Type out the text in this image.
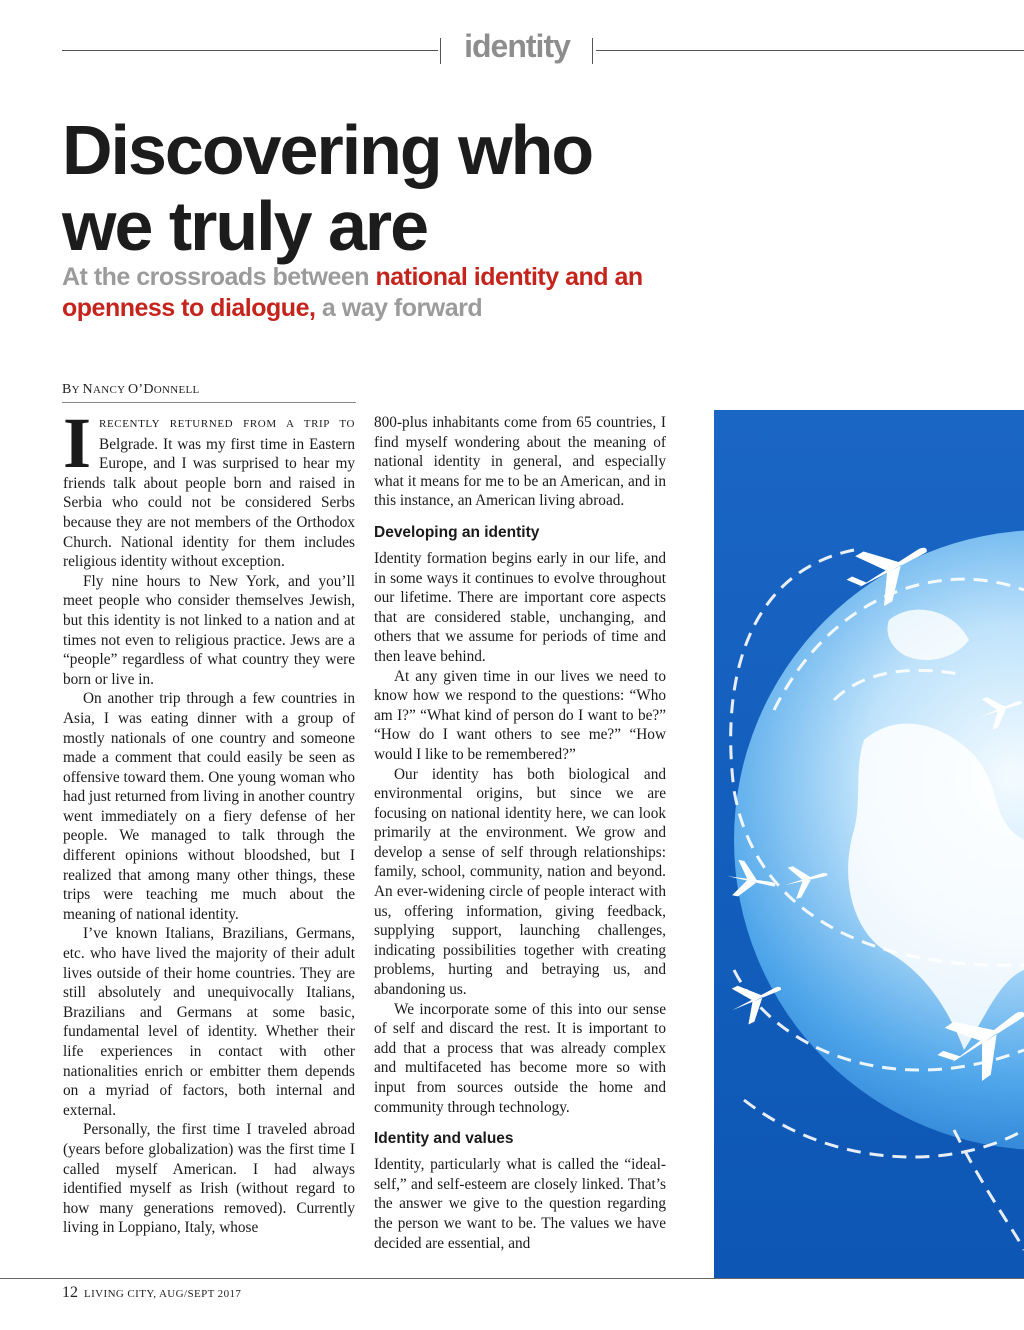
identity
Discovering who
we truly are

At the crossroads between national identity and an openness to dialogue, a way forward

BY NANCY O’DONNELL

IRECENTLY RETURNED FROM A TRIP TO Belgrade. It was my first time in Eastern Europe, and I was surprised to hear my friends talk about people born and raised in Serbia who could not be considered Serbs because they are not members of the Orthodox Church. National identity for them includes religious identity without exception.

Fly nine hours to New York, and you’ll meet people who consider themselves Jewish, but this identity is not linked to a nation and at times not even to religious practice. Jews are a “people” regardless of what country they were born or live in.

On another trip through a few countries in Asia, I was eating dinner with a group of mostly nationals of one country and someone made a comment that could easily be seen as offensive toward them. One young woman who had just returned from living in another country went immediately on a fiery defense of her people. We managed to talk through the different opinions without bloodshed, but I realized that among many other things, these trips were teaching me much about the meaning of national identity.

I’ve known Italians, Brazilians, Germans, etc. who have lived the majority of their adult lives outside of their home countries. They are still absolutely and unequivocally Italians, Brazilians and Germans at some basic, fundamental level of identity. Whether their life experiences in contact with other nationalities enrich or embitter them depends on a myriad of factors, both internal and external.

Personally, the first time I traveled abroad (years before globalization) was the first time I called myself American. I had always identified myself as Irish (without regard to how many generations removed). Currently living in Loppiano, Italy, whose

800-plus inhabitants come from 65 countries, I find myself wondering about the meaning of national identity in general, and especially what it means for me to be an American, and in this instance, an American living abroad.

Developing an identity

Identity formation begins early in our life, and in some ways it continues to evolve throughout our lifetime. There are important core aspects that are considered stable, unchanging, and others that we assume for periods of time and then leave behind.

At any given time in our lives we need to know how we respond to the questions: “Who am I?” “What kind of person do I want to be?” “How do I want others to see me?” “How would I like to be remembered?”

Our identity has both biological and environmental origins, but since we are focusing on national identity here, we can look primarily at the environment. We grow and develop a sense of self through relationships: family, school, community, nation and beyond. An ever-widening circle of people interact with us, offering information, giving feedback, supplying support, launching challenges, indicating possibilities together with creating problems, hurting and betraying us, and abandoning us.

We incorporate some of this into our sense of self and discard the rest. It is important to add that a process that was already complex and multifaceted has become more so with input from sources outside the home and community through technology.

Identity and values

Identity, particularly what is called the “ideal-self,” and self-esteem are closely linked. That’s the answer we give to the question regarding the person we want to be. The values we have decided are essential, and

12 LIVING CITY, AUG/SEPT 2017
